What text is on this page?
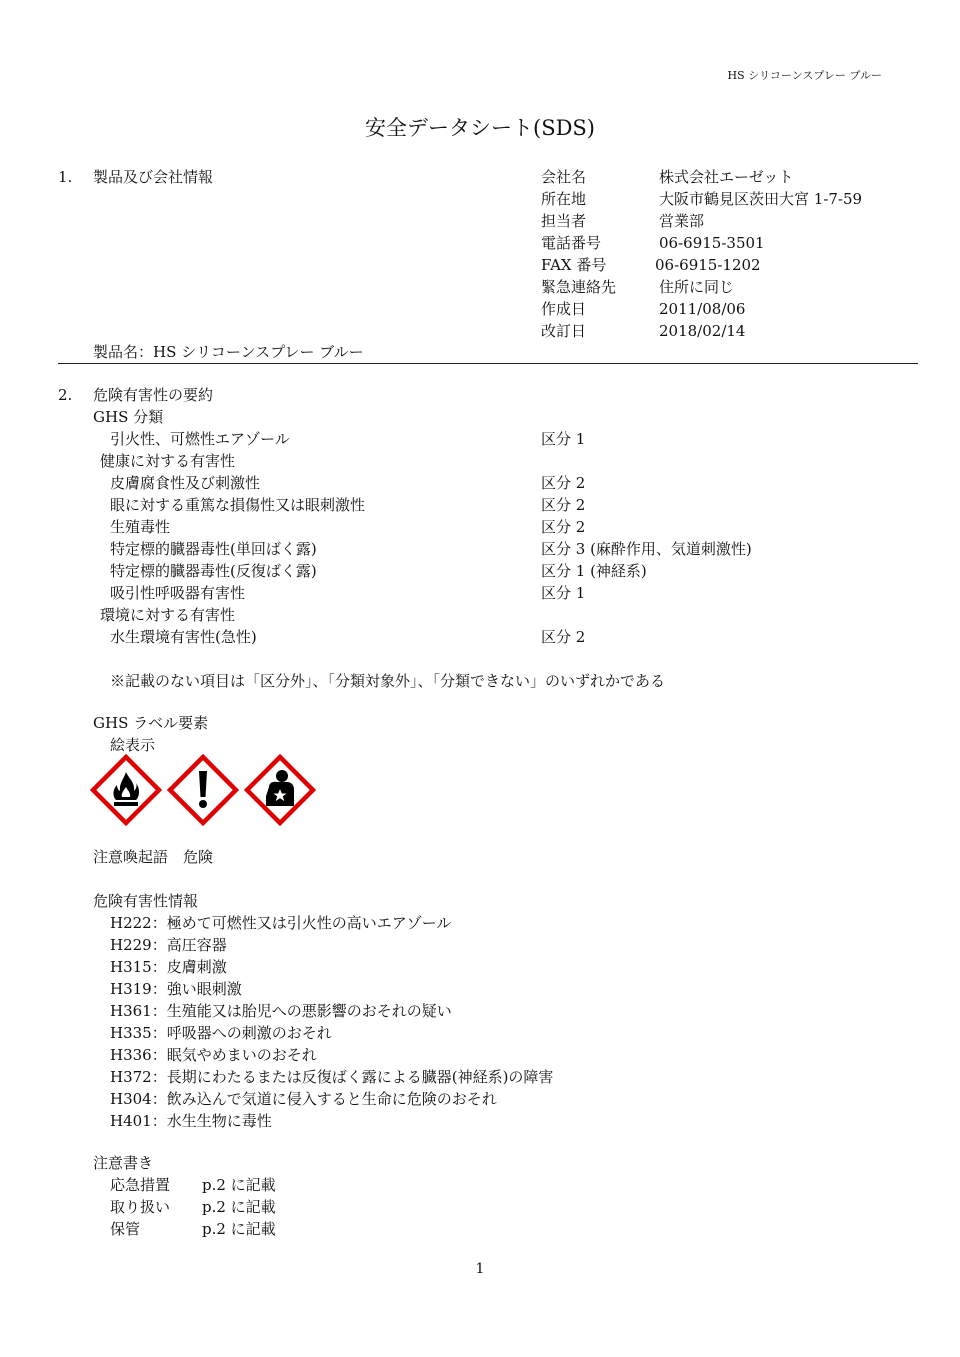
HS シリコーンスプレー ブルー
安全データシート(SDS)
1. 製品及び会社情報	会社名	株式会社エーゼット
所在地	大阪市鶴見区茨田大宮 1-7-59
担当者	営業部
電話番号	06-6915-3501
FAX 番号	06-6915-1202
緊急連絡先	住所に同じ
作成日	2011/08/06
改訂日	2018/02/14
製品名：HS シリコーンスプレー ブルー
2. 危険有害性の要約
GHS 分類
引火性、可燃性エアゾール	区分 1
健康に対する有害性
皮膚腐食性及び刺激性	区分 2
眼に対する重篤な損傷性又は眼刺激性	区分 2
生殖毒性	区分 2
特定標的臓器毒性(単回ばく露)	区分 3 (麻酔作用、気道刺激性)
特定標的臓器毒性(反復ばく露)	区分 1 (神経系)
吸引性呼吸器有害性	区分 1
環境に対する有害性
水生環境有害性(急性)	区分 2
※記載のない項目は「区分外」、「分類対象外」、「分類できない」のいずれかである
GHS ラベル要素
絵表示
注意喚起語　危険
危険有害性情報
H222：極めて可燃性又は引火性の高いエアゾール
H229：高圧容器
H315：皮膚刺激
H319：強い眼刺激
H361：生殖能又は胎児への悪影響のおそれの疑い
H335：呼吸器への刺激のおそれ
H336：眠気やめまいのおそれ
H372：長期にわたるまたは反復ばく露による臓器(神経系)の障害
H304：飲み込んで気道に侵入すると生命に危険のおそれ
H401：水生生物に毒性
注意書き
応急措置 p.2 に記載
取り扱い p.2 に記載
保管	p.2 に記載
1
